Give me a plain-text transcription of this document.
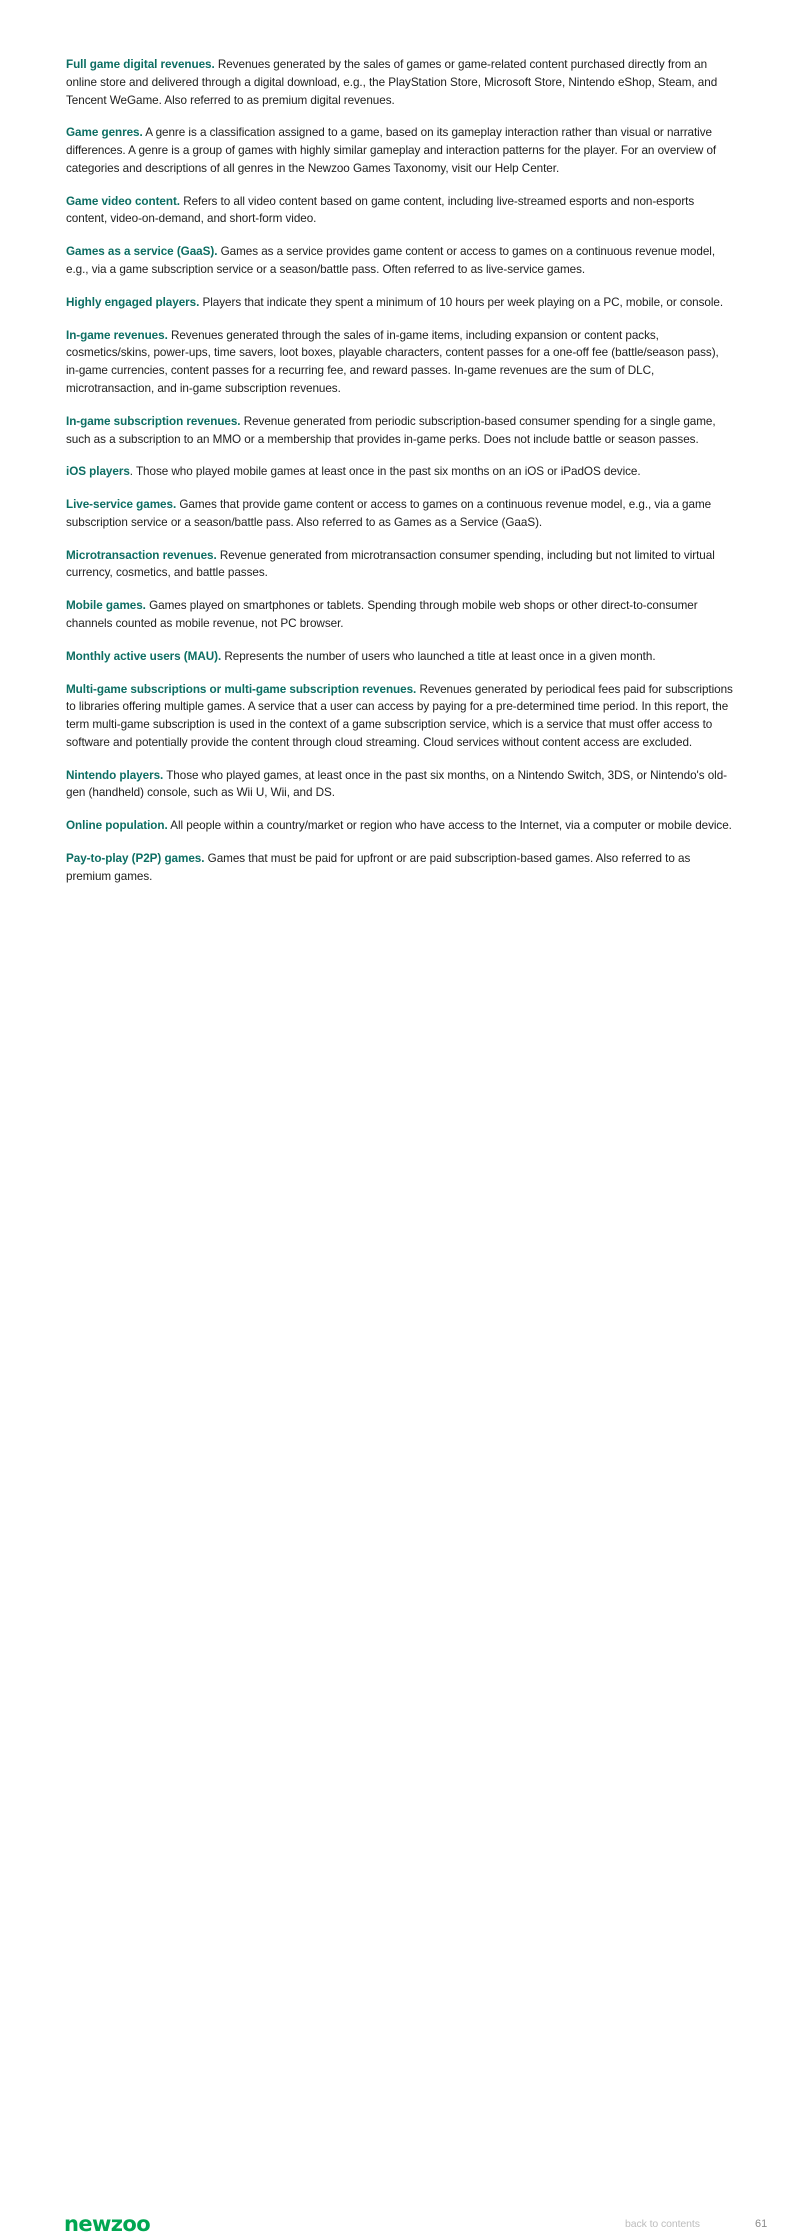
Full game digital revenues. Revenues generated by the sales of games or game-related content purchased directly from an online store and delivered through a digital download, e.g., the PlayStation Store, Microsoft Store, Nintendo eShop, Steam, and Tencent WeGame. Also referred to as premium digital revenues.

Game genres. A genre is a classification assigned to a game, based on its gameplay interaction rather than visual or narrative differences. A genre is a group of games with highly similar gameplay and interaction patterns for the player. For an overview of categories and descriptions of all genres in the Newzoo Games Taxonomy, visit our Help Center.

Game video content. Refers to all video content based on game content, including live-streamed esports and non-esports content, video-on-demand, and short-form video.

Games as a service (GaaS). Games as a service provides game content or access to games on a continuous revenue model, e.g., via a game subscription service or a season/battle pass. Often referred to as live-service games.

Highly engaged players. Players that indicate they spent a minimum of 10 hours per week playing on a PC, mobile, or console.

In-game revenues. Revenues generated through the sales of in-game items, including expansion or content packs, cosmetics/skins, power-ups, time savers, loot boxes, playable characters, content passes for a one-off fee (battle/season pass), in-game currencies, content passes for a recurring fee, and reward passes. In-game revenues are the sum of DLC, microtransaction, and in-game subscription revenues.

In-game subscription revenues. Revenue generated from periodic subscription-based consumer spending for a single game, such as a subscription to an MMO or a membership that provides in-game perks. Does not include battle or season passes.

iOS players. Those who played mobile games at least once in the past six months on an iOS or iPadOS device.

Live-service games. Games that provide game content or access to games on a continuous revenue model, e.g., via a game subscription service or a season/battle pass. Also referred to as Games as a Service (GaaS).

Microtransaction revenues. Revenue generated from microtransaction consumer spending, including but not limited to virtual currency, cosmetics, and battle passes.

Mobile games. Games played on smartphones or tablets. Spending through mobile web shops or other direct-to-consumer channels counted as mobile revenue, not PC browser.

Monthly active users (MAU). Represents the number of users who launched a title at least once in a given month.

Multi-game subscriptions or multi-game subscription revenues. Revenues generated by periodical fees paid for subscriptions to libraries offering multiple games. A service that a user can access by paying for a pre-determined time period. In this report, the term multi-game subscription is used in the context of a game subscription service, which is a service that must offer access to software and potentially provide the content through cloud streaming. Cloud services without content access are excluded.

Nintendo players. Those who played games, at least once in the past six months, on a Nintendo Switch, 3DS, or Nintendo's old-gen (handheld) console, such as Wii U, Wii, and DS.

Online population. All people within a country/market or region who have access to the Internet, via a computer or mobile device.

Pay-to-play (P2P) games. Games that must be paid for upfront or are paid subscription-based games. Also referred to as premium games.

newzoo	back to contents	61
